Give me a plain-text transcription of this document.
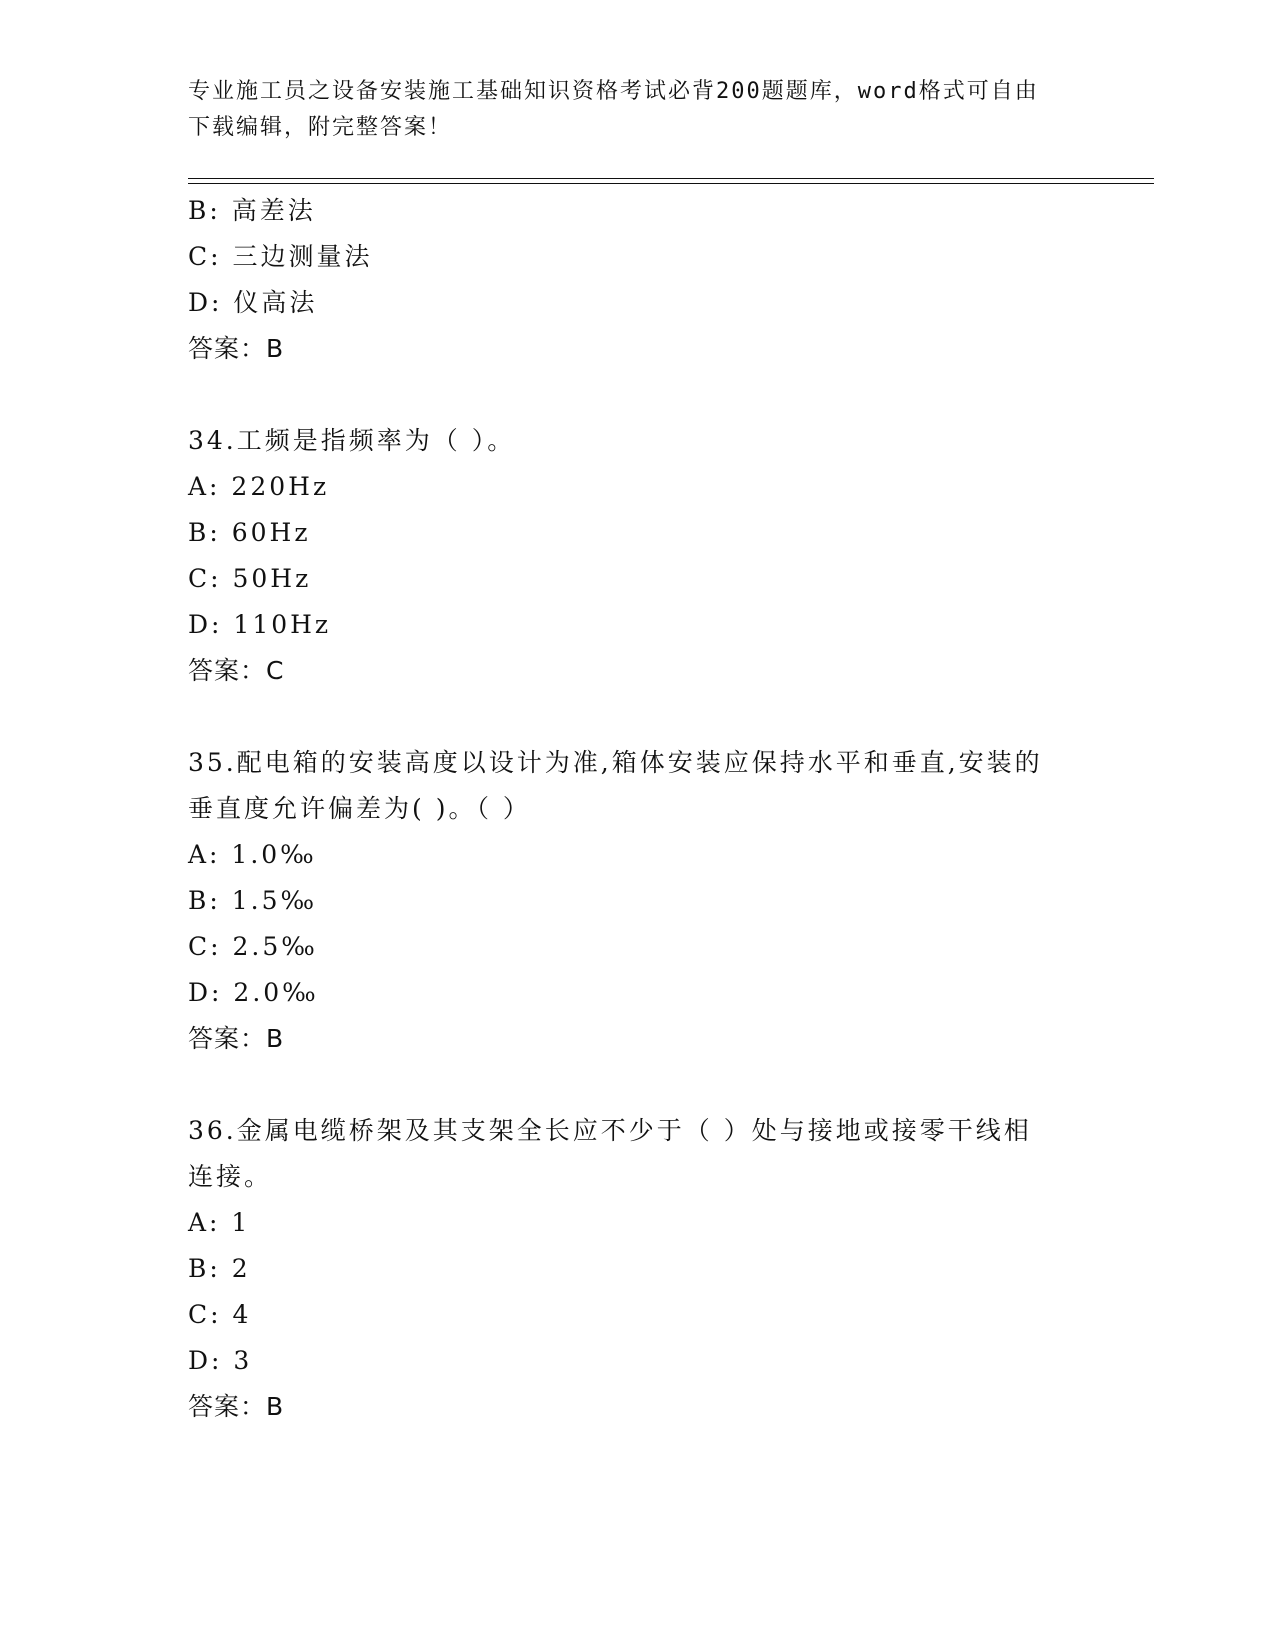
专业施工员之设备安装施工基础知识资格考试必背200题题库，word格式可自由
下载编辑，附完整答案！
B: 高差法
C: 三边测量法
D: 仪高法
答案：B
34.工频是指频率为（ ）。
A: 220Hz
B: 60Hz
C: 50Hz
D: 110Hz
答案：C
35.配电箱的安装高度以设计为准,箱体安装应保持水平和垂直,安装的
垂直度允许偏差为( )。（ ）
A: 1.0‰
B: 1.5‰
C: 2.5‰
D: 2.0‰
答案：B
36.金属电缆桥架及其支架全长应不少于（ ）处与接地或接零干线相
连接。
A: 1
B: 2
C: 4
D: 3
答案：B
